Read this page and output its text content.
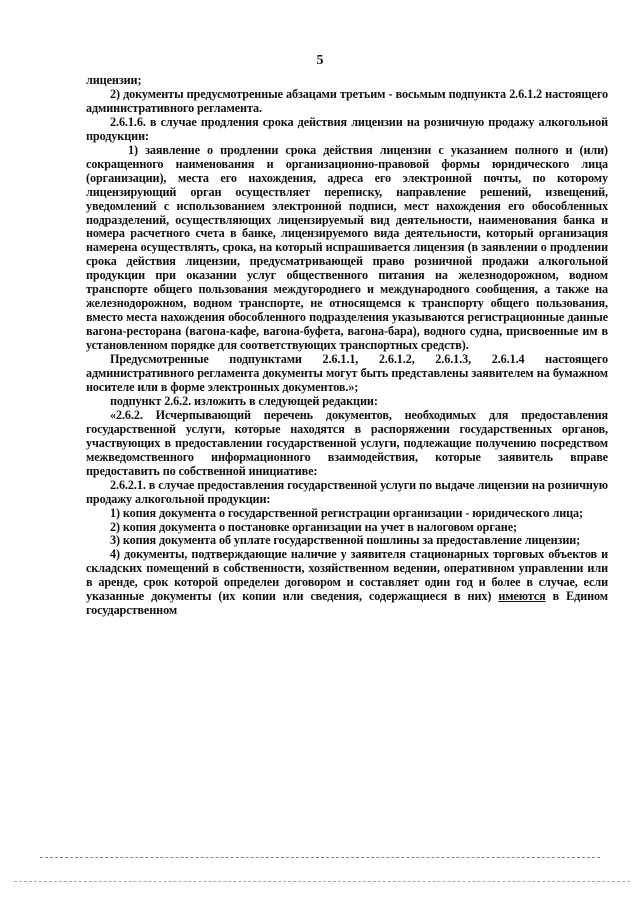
5

лицензии;

2) документы предусмотренные абзацами третьим - восьмым подпункта 2.6.1.2 настоящего административного регламента.

2.6.1.6. в случае продления срока действия лицензии на розничную продажу алкогольной продукции:

1) заявление о продлении срока действия лицензии с указанием полного и (или) сокращенного наименования и организационно-правовой формы юридического лица (организации), места его нахождения, адреса его электронной почты, по которому лицензирующий орган осуществляет переписку, направление решений, извещений, уведомлений с использованием электронной подписи, мест нахождения его обособленных подразделений, осуществляющих лицензируемый вид деятельности, наименования банка и номера расчетного счета в банке, лицензируемого вида деятельности, который организация намерена осуществлять, срока, на который испрашивается лицензия (в заявлении о продлении срока действия лицензии, предусматривающей право розничной продажи алкогольной продукции при оказании услуг общественного питания на железнодорожном, водном транспорте общего пользования междугороднего и международного сообщения, а также на железнодорожном, водном транспорте, не относящемся к транспорту общего пользования, вместо места нахождения обособленного подразделения указываются регистрационные данные вагона-ресторана (вагона-кафе, вагона-буфета, вагона-бара), водного судна, присвоенные им в установленном порядке для соответствующих транспортных средств).

Предусмотренные подпунктами 2.6.1.1, 2.6.1.2, 2.6.1.3, 2.6.1.4 настоящего административного регламента документы могут быть представлены заявителем на бумажном носителе или в форме электронных документов.»;

подпункт 2.6.2. изложить в следующей редакции:

«2.6.2. Исчерпывающий перечень документов, необходимых для предоставления государственной услуги, которые находятся в распоряжении государственных органов, участвующих в предоставлении государственной услуги, подлежащие получению посредством межведомственного информационного взаимодействия, которые заявитель вправе предоставить по собственной инициативе:

2.6.2.1. в случае предоставления государственной услуги по выдаче лицензии на розничную продажу алкогольной продукции:

1) копия документа о государственной регистрации организации - юридического лица;

2) копия документа о постановке организации на учет в налоговом органе;

3) копия документа об уплате государственной пошлины за предоставление лицензии;

4) документы, подтверждающие наличие у заявителя стационарных торговых объектов и складских помещений в собственности, хозяйственном ведении, оперативном управлении или в аренде, срок которой определен договором и составляет один год и более в случае, если указанные документы (их копии или сведения, содержащиеся в них) имеются в Едином государственном
